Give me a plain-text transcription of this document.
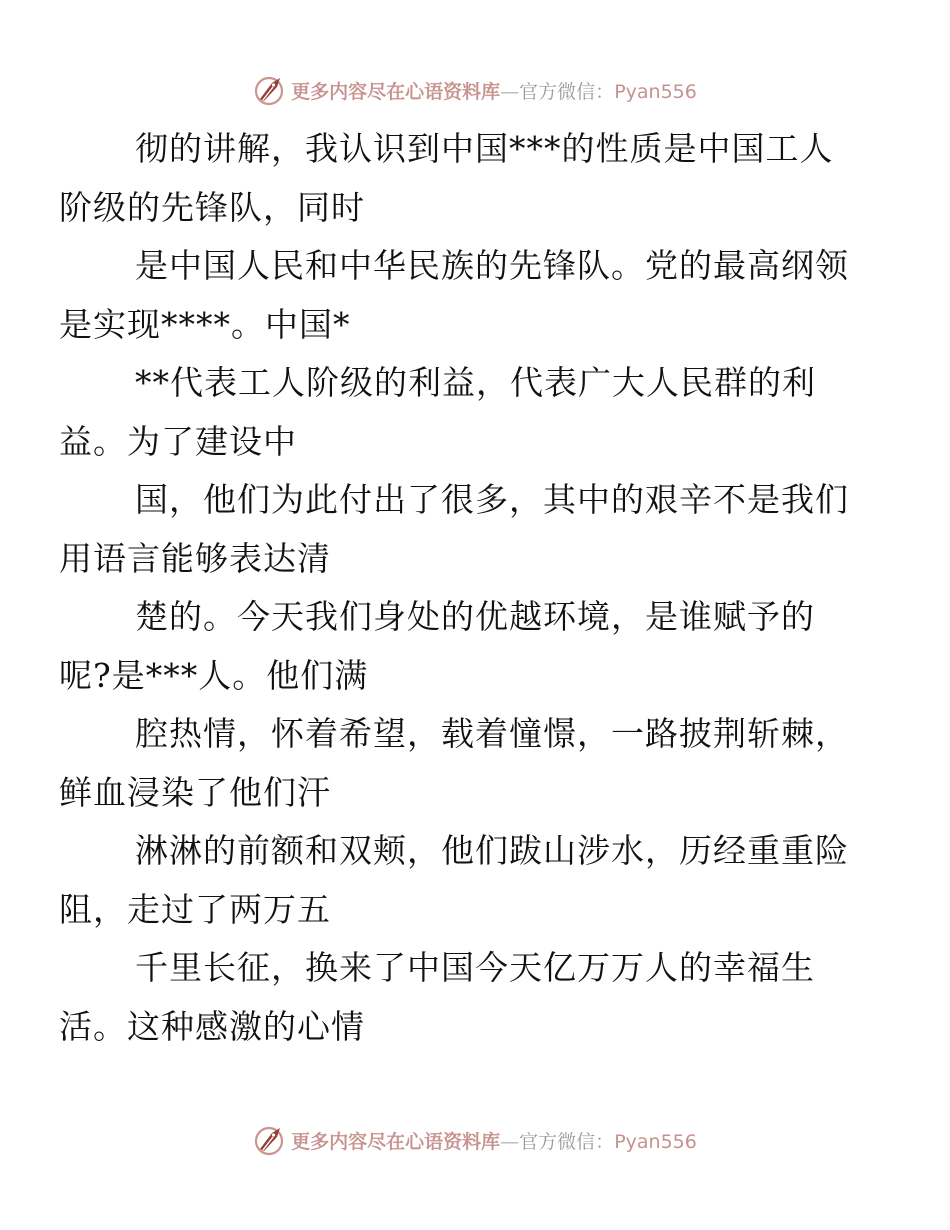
更多内容尽在心语资料库—官方微信：Pyan556

彻的讲解，我认识到中国***的性质是中国工人
阶级的先锋队，同时

是中国人民和中华民族的先锋队。党的最高纲领
是实现****。中国*

**代表工人阶级的利益，代表广大人民群的利
益。为了建设中

国，他们为此付出了很多，其中的艰辛不是我们
用语言能够表达清

楚的。今天我们身处的优越环境，是谁赋予的
呢?是***人。他们满

腔热情，怀着希望，载着憧憬，一路披荆斩棘，
鲜血浸染了他们汗

淋淋的前额和双颊，他们跋山涉水，历经重重险
阻，走过了两万五

千里长征，换来了中国今天亿万万人的幸福生
活。这种感激的心情

更多内容尽在心语资料库—官方微信：Pyan556
